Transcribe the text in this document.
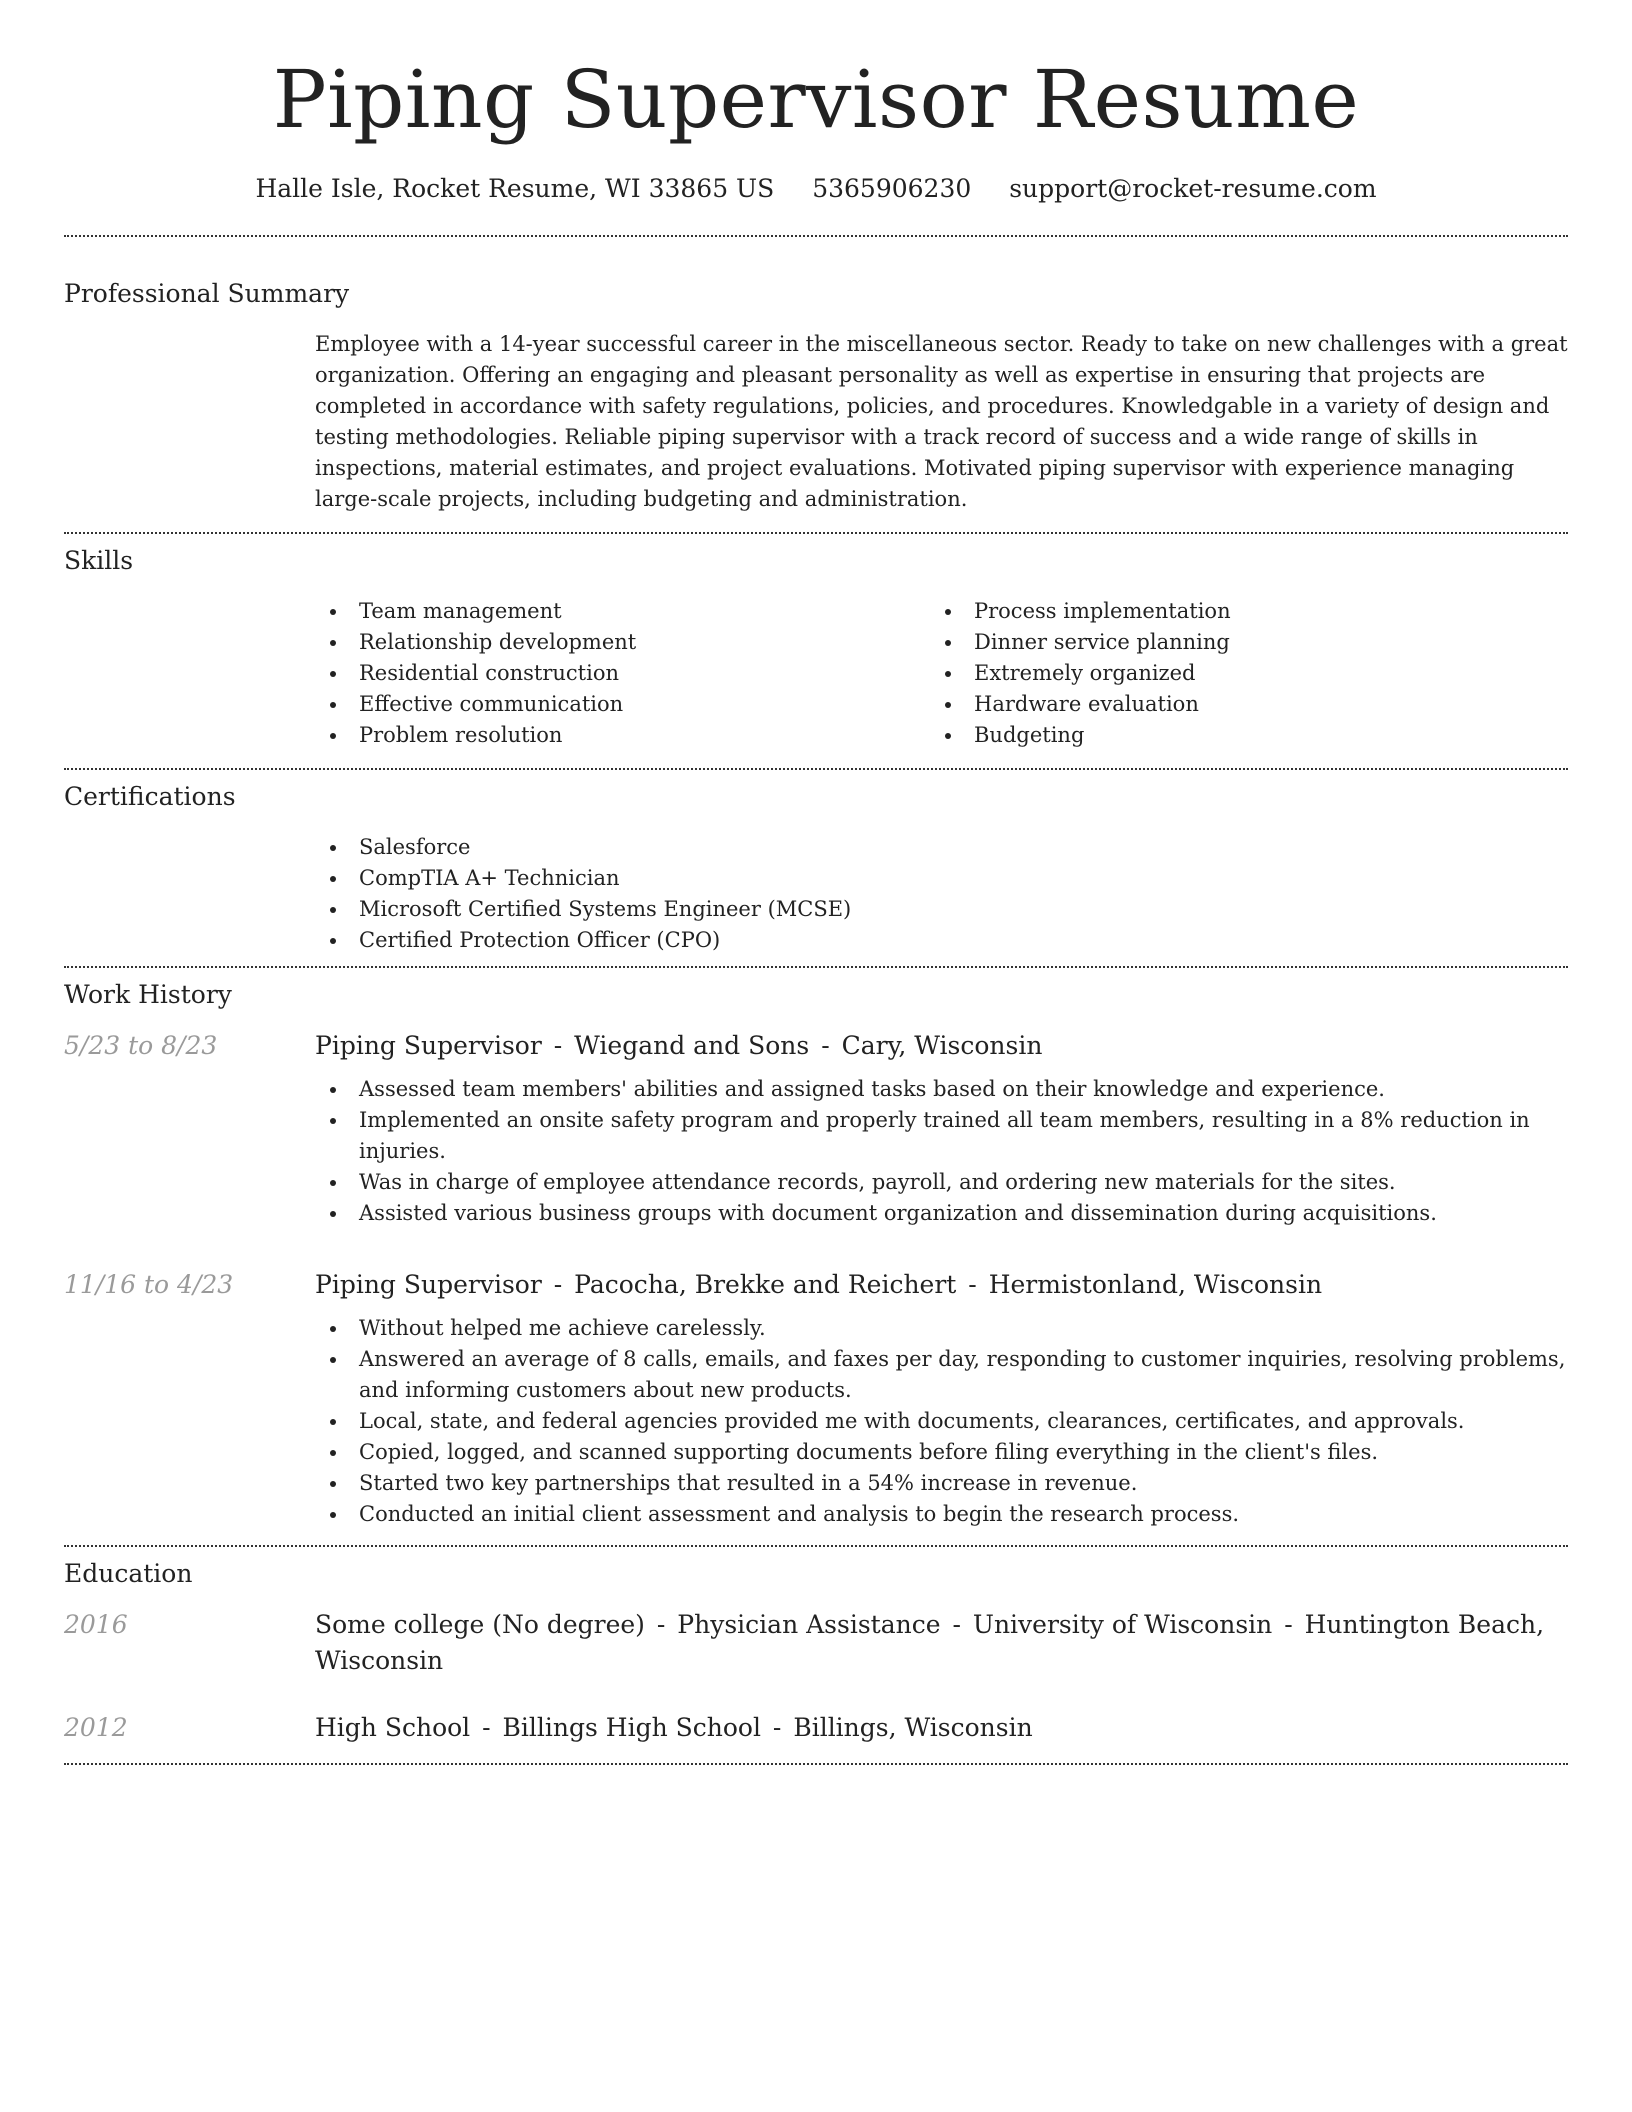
Piping Supervisor Resume
Halle Isle, Rocket Resume, WI 33865 US 5365906230 support@rocket-resume.com
Professional Summary

Employee with a 14-year successful career in the miscellaneous sector. Ready to take on new challenges with a great organization. Offering an engaging and pleasant personality as well as expertise in ensuring that projects are completed in accordance with safety regulations, policies, and procedures. Knowledgable in a variety of design and testing methodologies. Reliable piping supervisor with a track record of success and a wide range of skills in inspections, material estimates, and project evaluations. Motivated piping supervisor with experience managing large-scale projects, including budgeting and administration.

Skills
Team management
Relationship development
Residential construction
Effective communication
Problem resolution
Process implementation
Dinner service planning
Extremely organized
Hardware evaluation
Budgeting
Certifications
Salesforce
CompTIA A+ Technician
Microsoft Certified Systems Engineer (MCSE)
Certified Protection Officer (CPO)
Work History
5/23 to 8/23	Piping Supervisor - Wiegand and Sons - Cary, Wisconsin
Assessed team members' abilities and assigned tasks based on their knowledge and experience.
Implemented an onsite safety program and properly trained all team members, resulting in a 8% reduction in injuries.
Was in charge of employee attendance records, payroll, and ordering new materials for the sites.
Assisted various business groups with document organization and dissemination during acquisitions.
11/16 to 4/23	Piping Supervisor - Pacocha, Brekke and Reichert - Hermistonland, Wisconsin
Without helped me achieve carelessly.
Answered an average of 8 calls, emails, and faxes per day, responding to customer inquiries, resolving problems, and informing customers about new products.
Local, state, and federal agencies provided me with documents, clearances, certificates, and approvals.
Copied, logged, and scanned supporting documents before filing everything in the client's files.
Started two key partnerships that resulted in a 54% increase in revenue.
Conducted an initial client assessment and analysis to begin the research process.
Education
2016	Some college (No degree) - Physician Assistance - University of Wisconsin - Huntington Beach, Wisconsin
2012	High School - Billings High School - Billings, Wisconsin
